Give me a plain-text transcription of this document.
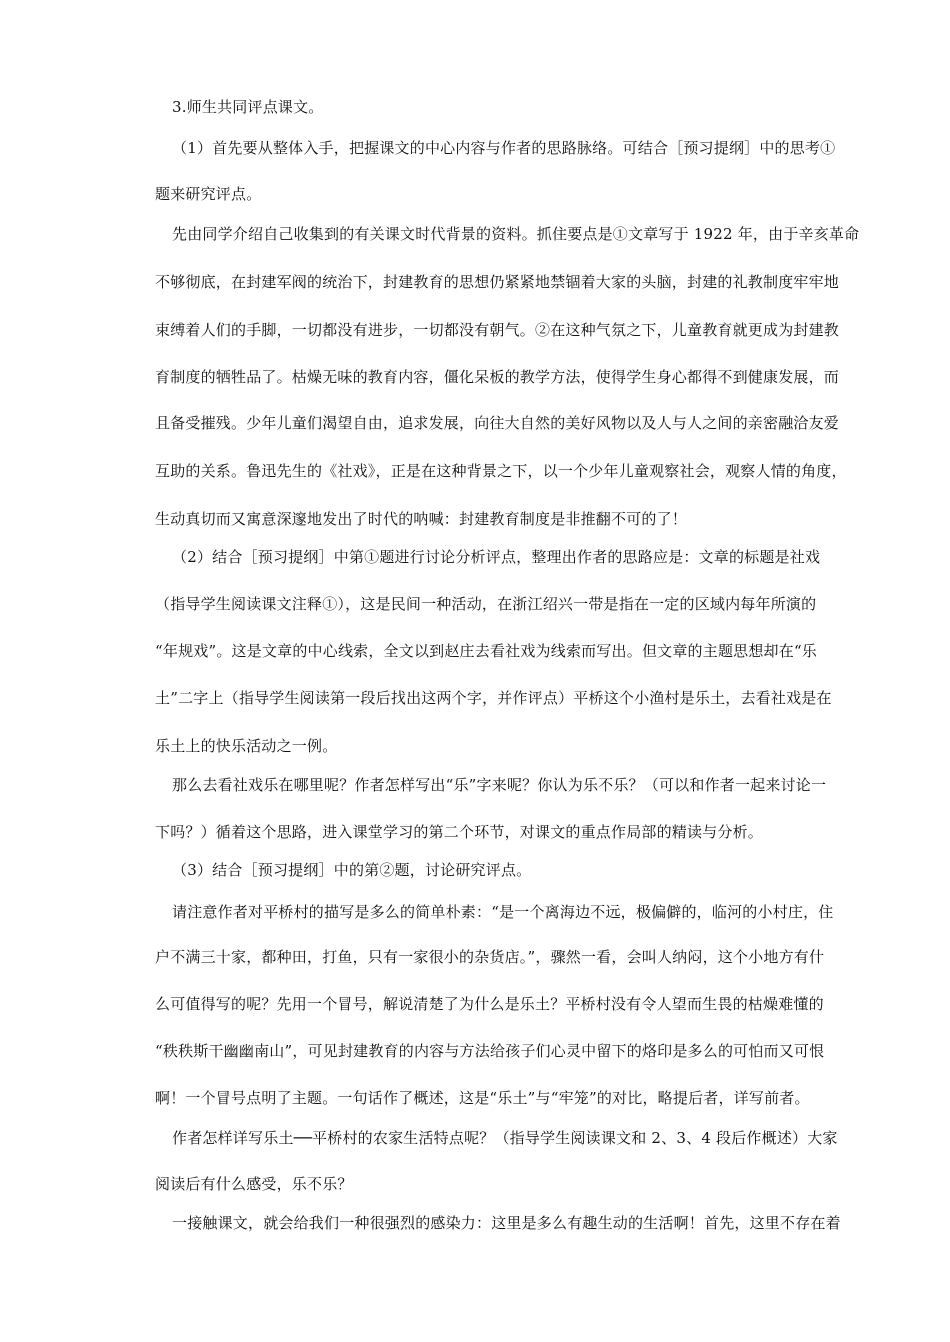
3.师生共同评点课文。
（1）首先要从整体入手，把握课文的中心内容与作者的思路脉络。可结合［预习提纲］中的思考①
题来研究评点。
先由同学介绍自己收集到的有关课文时代背景的资料。抓住要点是①文章写于 1922 年，由于辛亥革命
不够彻底，在封建军阀的统治下，封建教育的思想仍紧紧地禁锢着大家的头脑，封建的礼教制度牢牢地
束缚着人们的手脚，一切都没有进步，一切都没有朝气。②在这种气氛之下，儿童教育就更成为封建教
育制度的牺牲品了。枯燥无味的教育内容，僵化呆板的教学方法，使得学生身心都得不到健康发展，而
且备受摧残。少年儿童们渴望自由，追求发展，向往大自然的美好风物以及人与人之间的亲密融洽友爱
互助的关系。鲁迅先生的《社戏》，正是在这种背景之下，以一个少年儿童观察社会，观察人情的角度，
生动真切而又寓意深邃地发出了时代的呐喊：封建教育制度是非推翻不可的了！
（2）结合［预习提纲］中第①题进行讨论分析评点，整理出作者的思路应是：文章的标题是社戏
（指导学生阅读课文注释①），这是民间一种活动，在浙江绍兴一带是指在一定的区域内每年所演的
“年规戏”。这是文章的中心线索，全文以到赵庄去看社戏为线索而写出。但文章的主题思想却在“乐
土”二字上（指导学生阅读第一段后找出这两个字，并作评点）平桥这个小渔村是乐土，去看社戏是在
乐土上的快乐活动之一例。
那么去看社戏乐在哪里呢？作者怎样写出“乐”字来呢？你认为乐不乐？（可以和作者一起来讨论一
下吗？）循着这个思路，进入课堂学习的第二个环节，对课文的重点作局部的精读与分析。
（3）结合［预习提纲］中的第②题，讨论研究评点。
请注意作者对平桥村的描写是多么的简单朴素：“是一个离海边不远，极偏僻的，临河的小村庄，住
户不满三十家，都种田，打鱼，只有一家很小的杂货店。”，骤然一看，会叫人纳闷，这个小地方有什
么可值得写的呢？先用一个冒号，解说清楚了为什么是乐土？平桥村没有令人望而生畏的枯燥难懂的
“秩秩斯干幽幽南山”，可见封建教育的内容与方法给孩子们心灵中留下的烙印是多么的可怕而又可恨
啊！一个冒号点明了主题。一句话作了概述，这是“乐土”与“牢笼”的对比，略提后者，详写前者。
作者怎样详写乐土──平桥村的农家生活特点呢？（指导学生阅读课文和 2、3、4 段后作概述）大家
阅读后有什么感受，乐不乐？
一接触课文，就会给我们一种很强烈的感染力：这里是多么有趣生动的生活啊！首先，这里不存在着
